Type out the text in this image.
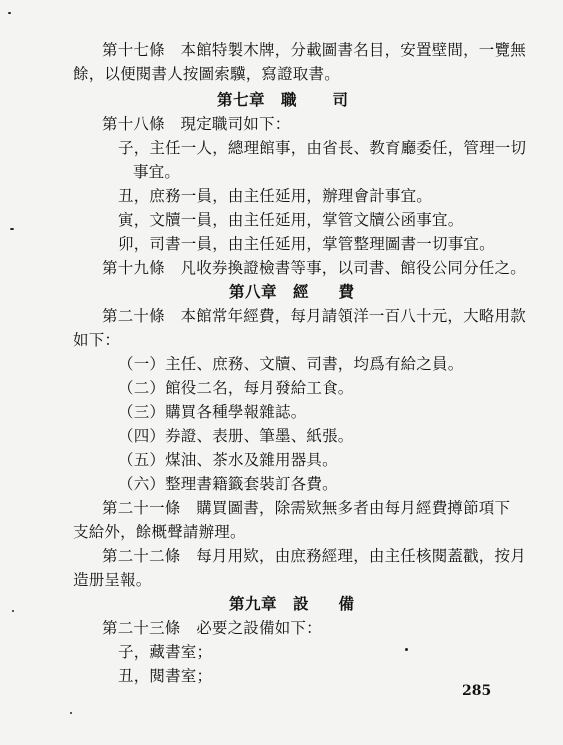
第十七條　本館特製木牌，分載圖書名目，安置壁間，一覽無
餘，以便閱書人按圖索驥，寫證取書。
第七章 職 司
第十八條　現定職司如下：
子，主任一人，總理館事，由省長、教育廳委任，管理一切
事宜。
丑，庶務一員，由主任延用，辦理會計事宜。
寅，文牘一員，由主任延用，掌管文牘公函事宜。
卯，司書一員，由主任延用，掌管整理圖書一切事宜。
第十九條　凡收券換證檢書等事，以司書、館役公同分任之。
第八章 經 費
第二十條　本館常年經費，每月請領洋一百八十元，大略用款
如下：
（一）主任、庶務、文牘、司書，均爲有給之員。
（二）館役二名，每月發給工食。
（三）購買各種學報雜誌。
（四）券證、表册、筆墨、紙張。
（五）煤油、茶水及雜用器具。
（六）整理書籍籤套裝訂各費。
第二十一條　購買圖書，除需欵無多者由每月經費撙節項下
支給外，餘概聲請辦理。
第二十二條　每月用欵，由庶務經理，由主任核閱蓋戳，按月
造册呈報。
第九章 設 備
第二十三條　必要之設備如下：
子，藏書室；
丑，閱書室；
285
